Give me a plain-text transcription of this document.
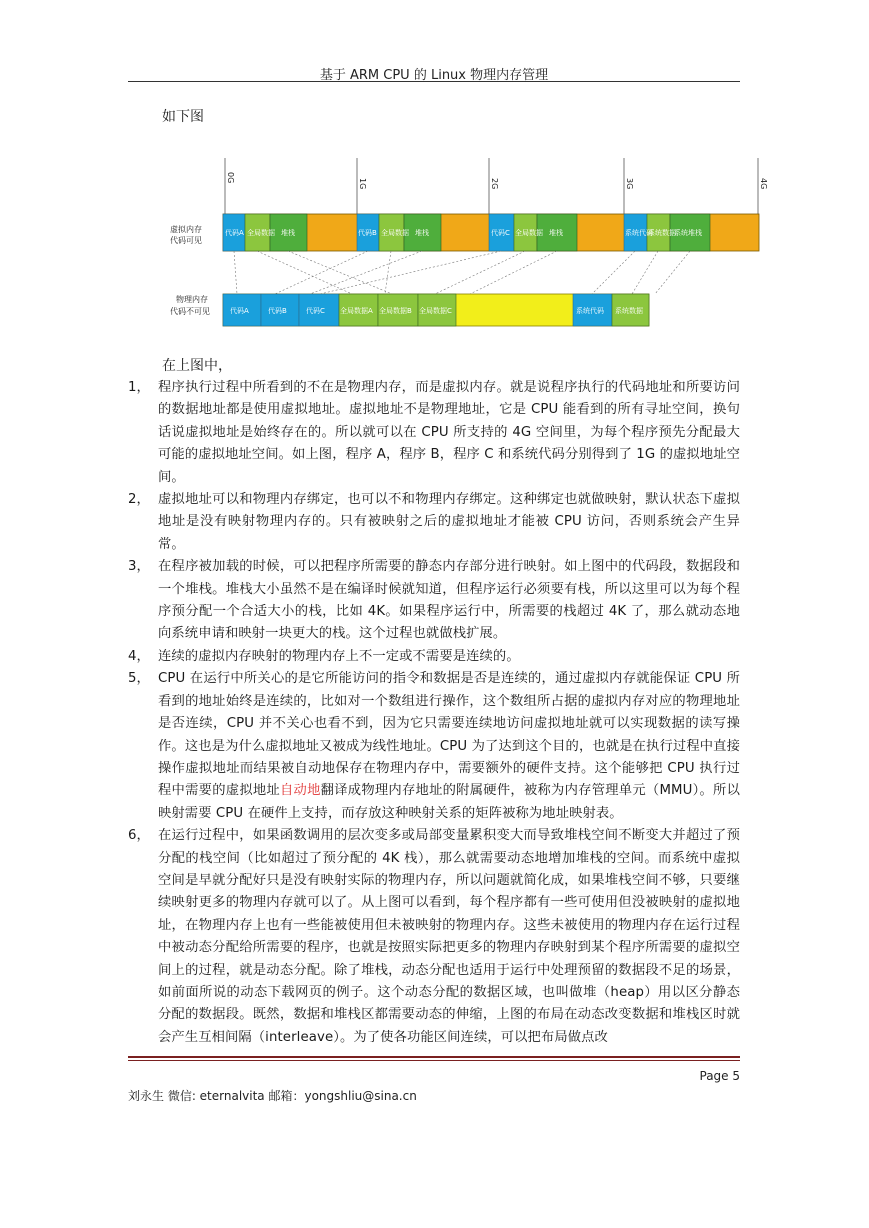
基于 ARM CPU 的 Linux 物理内存管理
如下图
0G
1G	2G	3G	4G
虚拟内存
代码可见
物理内存
代码不可见
代码A 全局数据 堆栈	代码B 全局数据 堆栈	代码C 全局数据 堆栈	系统代码
系统数据
系统堆栈
代码A	代码B	代码C 全局数据A 全局数据B 全局数据C	系统代码 系统数据
在上图中，
1， 程序执行过程中所看到的不在是物理内存，而是虚拟内存。就是说程序执行的代码地址和所要访问的数据地址都是使用虚拟地址。虚拟地址不是物理地址，它是 CPU 能看到的所有寻址空间，换句话说虚拟地址是始终存在的。所以就可以在 CPU 所支持的 4G 空间里，为每个程序预先分配最大可能的虚拟地址空间。如上图，程序 A，程序 B，程序 C 和系统代码分别得到了 1G 的虚拟地址空间。
2， 虚拟地址可以和物理内存绑定，也可以不和物理内存绑定。这种绑定也就做映射，默认状态下虚拟地址是没有映射物理内存的。只有被映射之后的虚拟地址才能被 CPU 访问，否则系统会产生异常。
3， 在程序被加载的时候，可以把程序所需要的静态内存部分进行映射。如上图中的代码段，数据段和一个堆栈。堆栈大小虽然不是在编译时候就知道，但程序运行必须要有栈，所以这里可以为每个程序预分配一个合适大小的栈，比如 4K。如果程序运行中，所需要的栈超过 4K 了，那么就动态地向系统申请和映射一块更大的栈。这个过程也就做栈扩展。
4， 连续的虚拟内存映射的物理内存上不一定或不需要是连续的。
5， CPU 在运行中所关心的是它所能访问的指令和数据是否是连续的，通过虚拟内存就能保证 CPU 所看到的地址始终是连续的，比如对一个数组进行操作，这个数组所占据的虚拟内存对应的物理地址是否连续，CPU 并不关心也看不到，因为它只需要连续地访问虚拟地址就可以实现数据的读写操作。这也是为什么虚拟地址又被成为线性地址。CPU 为了达到这个目的，也就是在执行过程中直接操作虚拟地址而结果被自动地保存在物理内存中，需要额外的硬件支持。这个能够把 CPU 执行过程中需要的虚拟地址自动地翻译成物理内存地址的附属硬件，被称为内存管理单元（MMU）。所以映射需要 CPU 在硬件上支持，而存放这种映射关系的矩阵被称为地址映射表。
6， 在运行过程中，如果函数调用的层次变多或局部变量累积变大而导致堆栈空间不断变大并超过了预分配的栈空间（比如超过了预分配的 4K 栈），那么就需要动态地增加堆栈的空间。而系统中虚拟空间是早就分配好只是没有映射实际的物理内存，所以问题就简化成，如果堆栈空间不够，只要继续映射更多的物理内存就可以了。从上图可以看到，每个程序都有一些可使用但没被映射的虚拟地址，在物理内存上也有一些能被使用但未被映射的物理内存。这些未被使用的物理内存在运行过程中被动态分配给所需要的程序，也就是按照实际把更多的物理内存映射到某个程序所需要的虚拟空间上的过程，就是动态分配。除了堆栈，动态分配也适用于运行中处理预留的数据段不足的场景，如前面所说的动态下载网页的例子。这个动态分配的数据区域，也叫做堆（heap）用以区分静态分配的数据段。既然，数据和堆栈区都需要动态的伸缩，上图的布局在动态改变数据和堆栈区时就会产生互相间隔（interleave）。为了使各功能区间连续，可以把布局做点改
Page 5
刘永生 微信: eternalvita 邮箱：yongshliu@sina.cn
